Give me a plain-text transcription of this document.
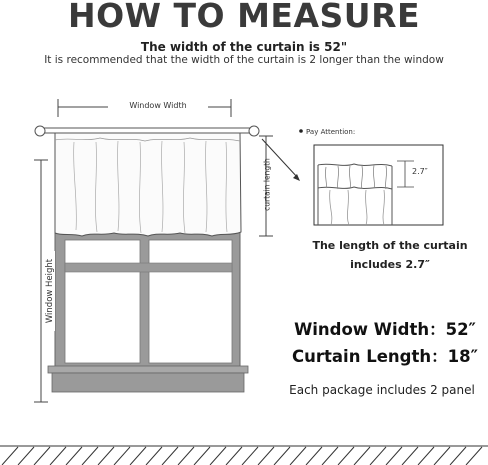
HOW TO MEASURE
The width of the curtain is 52"
It is recommended that the width of the curtain is 2 longer than the window
Window Width
Window Height
curtain length
Pay Attention:
2.7″
The length of the curtain
includes 2.7″
Window Width：52″
Curtain Length：18″
Each package includes 2 panel
